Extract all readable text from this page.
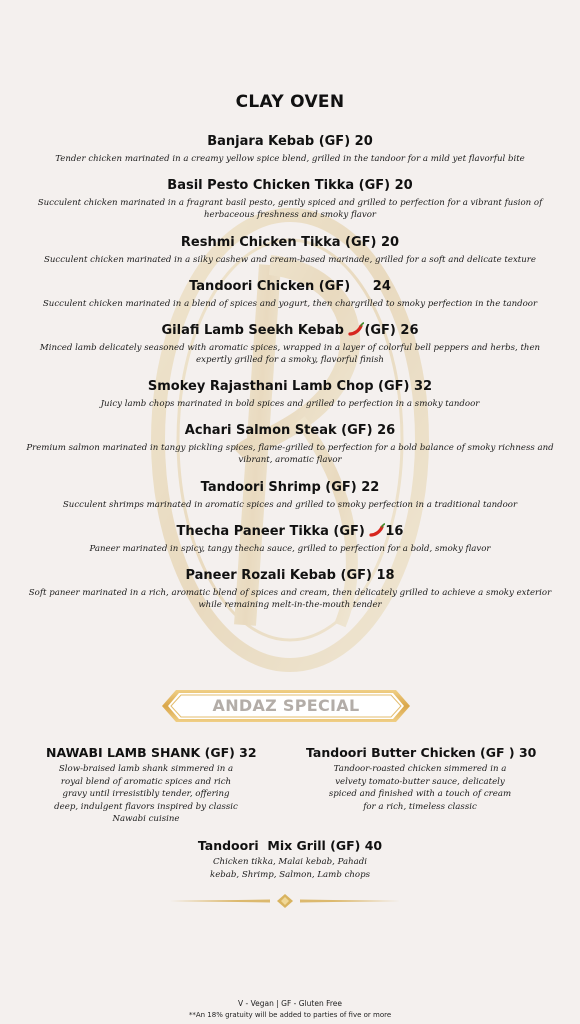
CLAY OVEN
Banjara Kebab (GF) 20
Tender chicken marinated in a creamy yellow spice blend, grilled in the tandoor for a mild yet flavorful bite
Basil Pesto Chicken Tikka (GF) 20
Succulent chicken marinated in a fragrant basil pesto, gently spiced and grilled to perfection for a vibrant fusion of herbaceous freshness and smoky flavor
Reshmi Chicken Tikka (GF) 20
Succulent chicken marinated in a silky cashew and cream-based marinade, grilled for a soft and delicate texture
Tandoori Chicken (GF)     24
Succulent chicken marinated in a blend of spices and yogurt, then chargrilled to smoky perfection in the tandoor
Gilafi Lamb Seekh Kebab (GF) 26
Minced lamb delicately seasoned with aromatic spices, wrapped in a layer of colorful bell peppers and herbs, then expertly grilled for a smoky, flavorful finish
Smokey Rajasthani Lamb Chop (GF) 32
Juicy lamb chops marinated in bold spices and grilled to perfection in a smoky tandoor
Achari Salmon Steak (GF) 26
Premium salmon marinated in tangy pickling spices, flame-grilled to perfection for a bold balance of smoky richness and vibrant, aromatic flavor
Tandoori Shrimp (GF) 22
Succulent shrimps marinated in aromatic spices and grilled to smoky perfection in a traditional tandoor
Thecha Paneer Tikka (GF) 16
Paneer marinated in spicy, tangy thecha sauce, grilled to perfection for a bold, smoky flavor
Paneer Rozali Kebab (GF) 18
Soft paneer marinated in a rich, aromatic blend of spices and cream, then delicately grilled to achieve a smoky exterior while remaining melt-in-the-mouth tender
ANDAZ SPECIAL
NAWABI LAMB SHANK (GF) 32
Slow-braised lamb shank simmered in a royal blend of aromatic spices and rich gravy until irresistibly tender, offering deep, indulgent flavors inspired by classic Nawabi cuisine
Tandoori Butter Chicken (GF ) 30
Tandoor-roasted chicken simmered in a velvety tomato-butter sauce, delicately spiced and finished with a touch of cream for a rich, timeless classic
Tandoori  Mix Grill (GF) 40
Chicken tikka, Malai kebab, Pahadi kebab, Shrimp, Salmon, Lamb chops
V - Vegan | GF - Gluten Free
**An 18% gratuity will be added to parties of five or more
